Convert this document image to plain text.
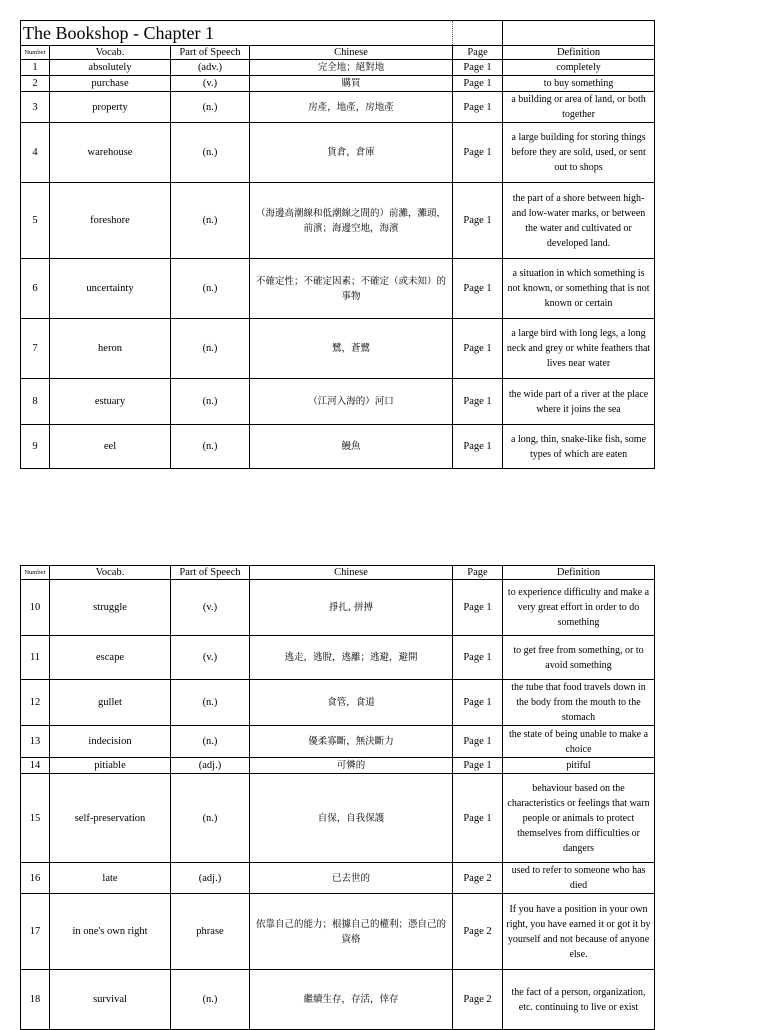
The Bookshop - Chapter 1					
Number	Vocab.	Part of Speech	Chinese	Page	Definition
1	absolutely	(adv.)	完全地；絕對地	Page 1	completely
2	purchase	(v.)	購買	Page 1	to buy something
3	property	(n.)	房產，地產，房地產	Page 1	a building or area of land, or both together
4	warehouse	(n.)	貨倉，倉庫	Page 1	a large building for storing things before they are sold, used, or sent out to shops
5	foreshore	(n.)	（海邊高潮線和低潮線之間的）前灘，灘頭，前濱；海邊空地，海濱	Page 1	the part of a shore between high- and low-water marks, or between the water and cultivated or developed land.
6	uncertainty	(n.)	不確定性；不確定因素；不確定（或未知）的事物	Page 1	a situation in which something is not known, or something that is not known or certain
7	heron	(n.)	鷺，蒼鷺	Page 1	a large bird with long legs, a long neck and grey or white feathers that lives near water
8	estuary	(n.)	（江河入海的）河口	Page 1	the wide part of a river at the place where it joins the sea
9	eel	(n.)	鰻魚	Page 1	a long, thin, snake-like fish, some types of which are eaten
Number	Vocab.	Part of Speech	Chinese	Page	Definition
10	struggle	(v.)	掙扎, 拼搏	Page 1	to experience difficulty and make a very great effort in order to do something
11	escape	(v.)	逃走，逃脫，逃離；逃避，避開	Page 1	to get free from something, or to avoid something
12	gullet	(n.)	食管，食道	Page 1	the tube that food travels down in the body from the mouth to the stomach
13	indecision	(n.)	優柔寡斷，無決斷力	Page 1	the state of being unable to make a choice
14	pitiable	(adj.)	可憐的	Page 1	pitiful
15	self-preservation	(n.)	自保，自我保護	Page 1	behaviour based on the characteristics or feelings that warn people or animals to protect themselves from difficulties or dangers
16	late	(adj.)	已去世的	Page 2	used to refer to someone who has died
17	in one's own right	phrase	依靠自己的能力；根據自己的權利；憑自己的資格	Page 2	If you have a position in your own right, you have earned it or got it by yourself and not because of anyone else.
18	survival	(n.)	繼續生存，存活，倖存	Page 2	the fact of a person, organization, etc. continuing to live or exist
